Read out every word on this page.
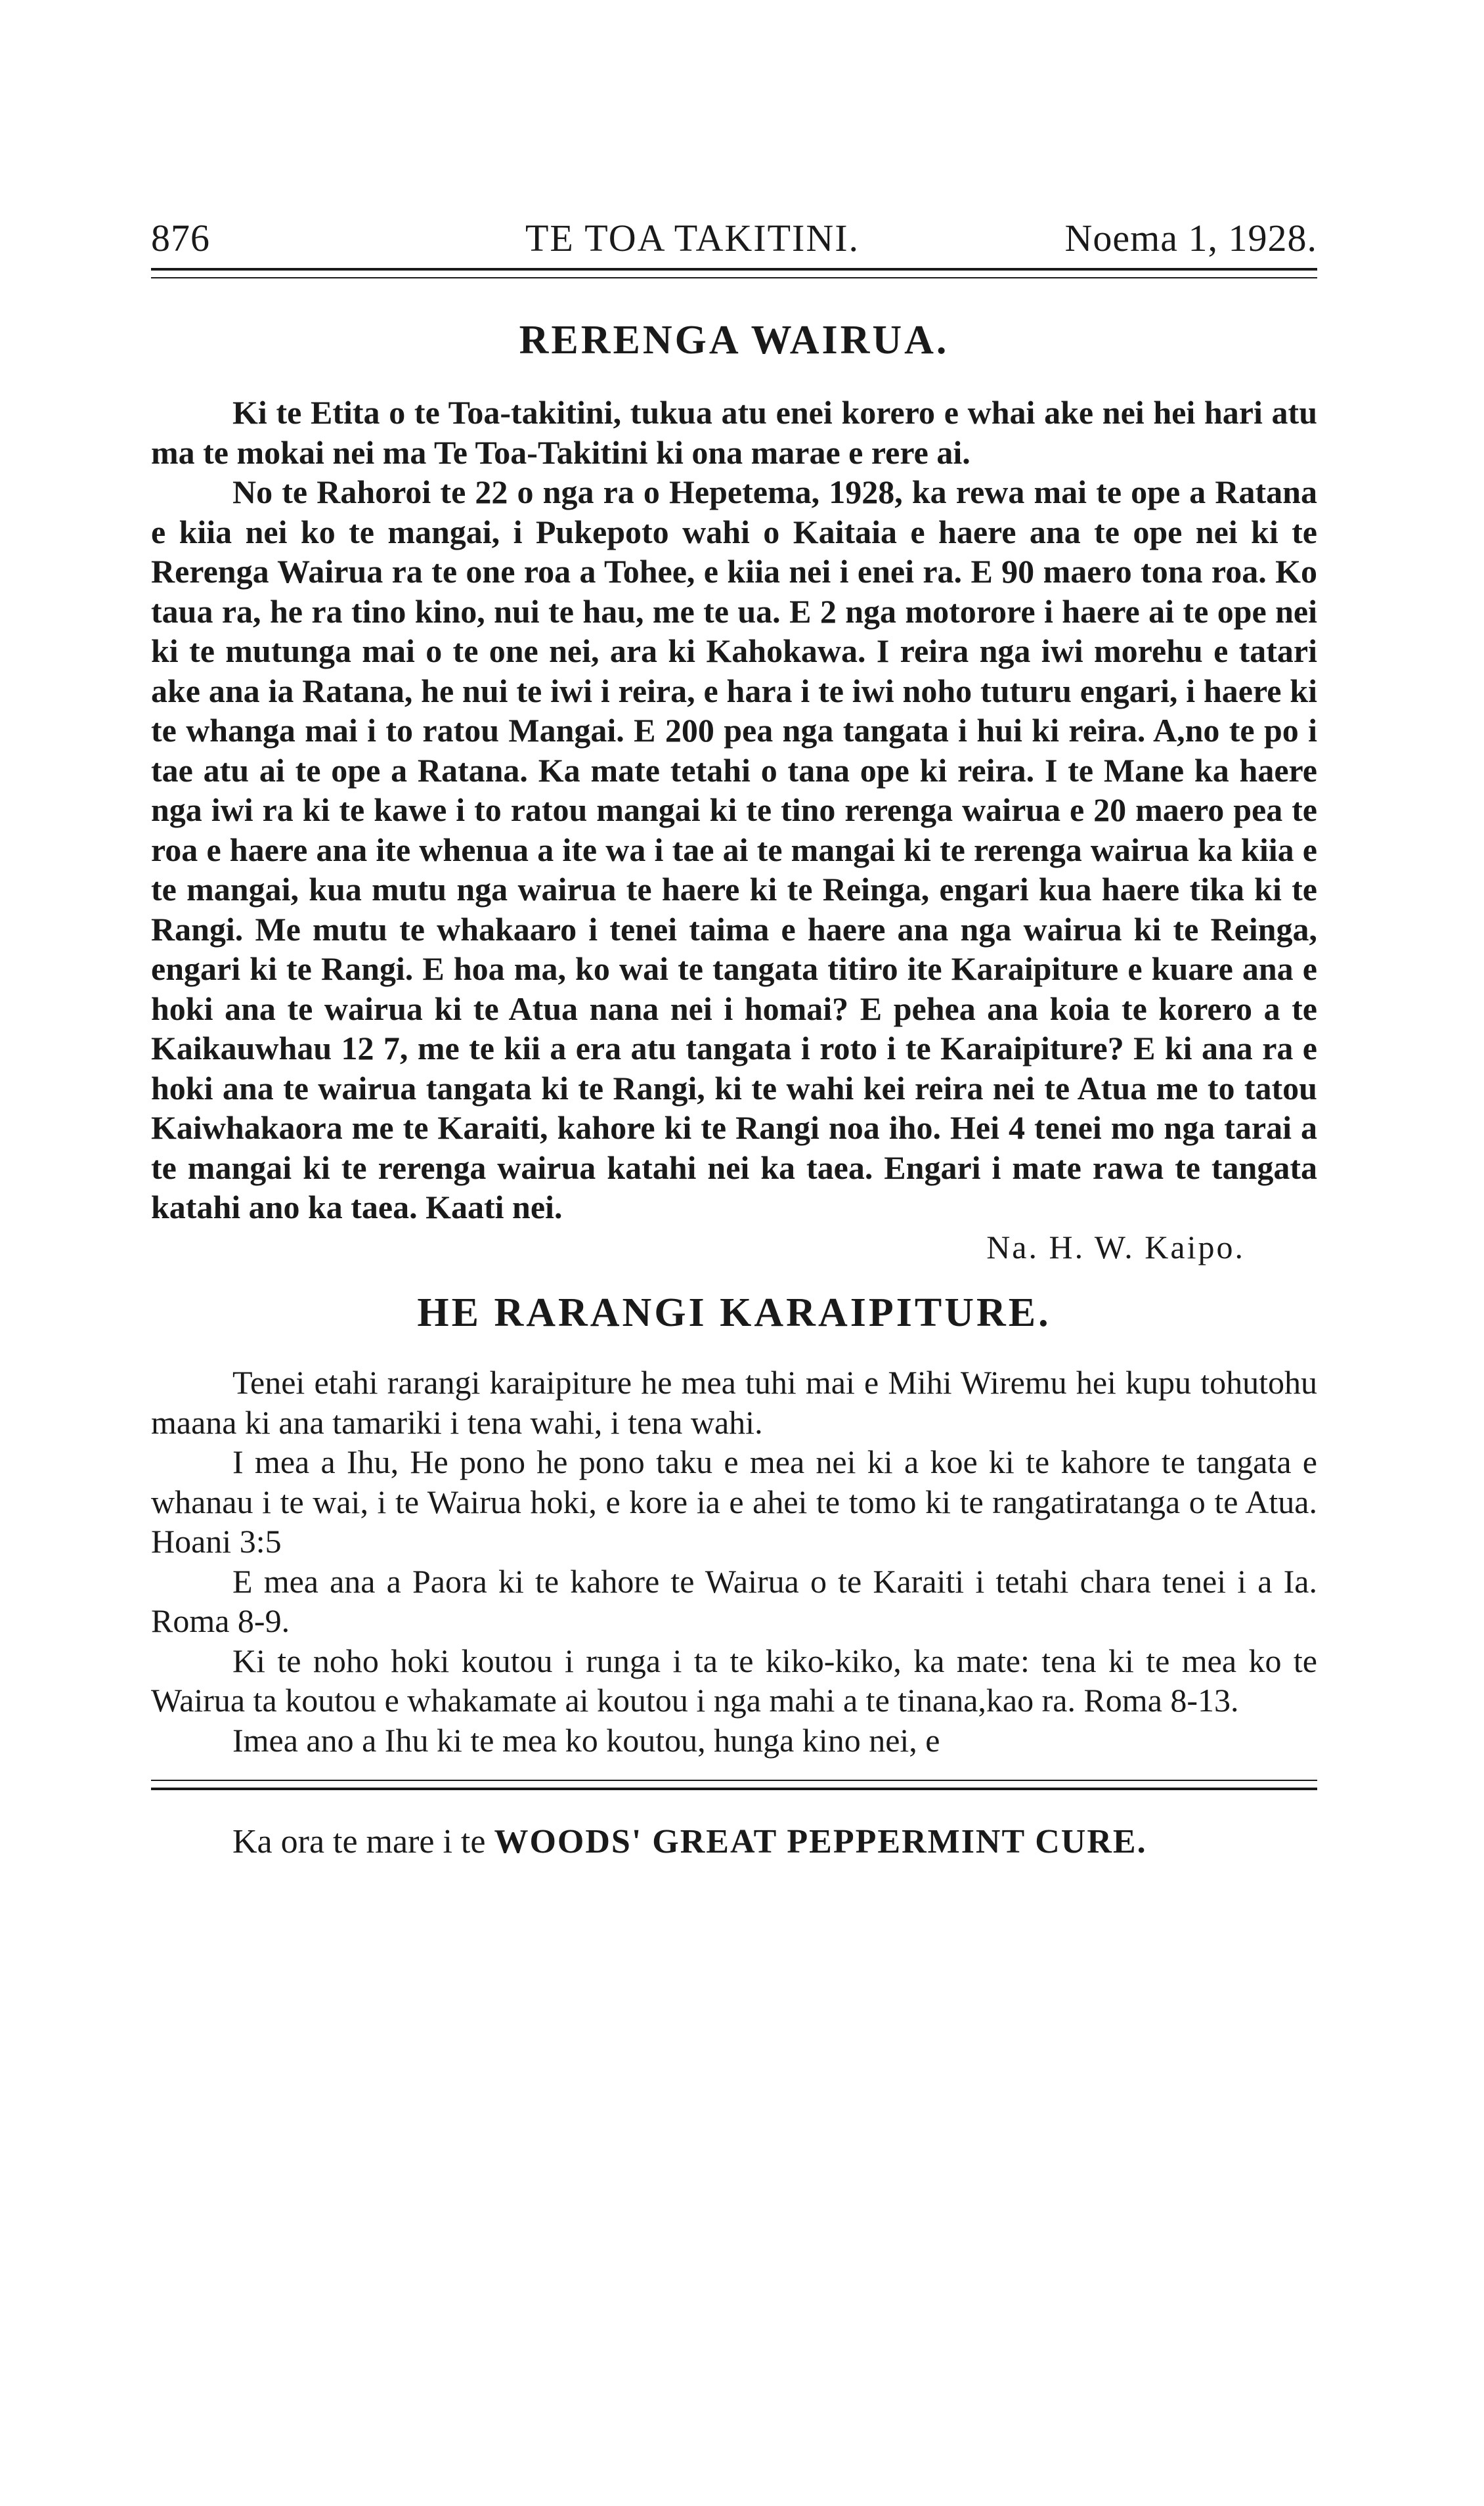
876	TE TOA TAKITINI.	Noema 1, 1928.
RERENGA WAIRUA.

Ki te Etita o te Toa-takitini, tukua atu enei korero e whai ake nei hei hari atu ma te mokai nei ma Te Toa-Takitini ki ona marae e rere ai.

No te Rahoroi te 22 o nga ra o Hepetema, 1928, ka rewa mai te ope a Ratana e kiia nei ko te mangai, i Pukepoto wahi o Kaitaia e haere ana te ope nei ki te Rerenga Wairua ra te one roa a Tohee, e kiia nei i enei ra. E 90 maero tona roa. Ko taua ra, he ra tino kino, nui te hau, me te ua. E 2 nga motorore i haere ai te ope nei ki te mutunga mai o te one nei, ara ki Kahokawa. I reira nga iwi morehu e tatari ake ana ia Ratana, he nui te iwi i reira, e hara i te iwi noho tuturu engari, i haere ki te whanga mai i to ratou Mangai. E 200 pea nga tangata i hui ki reira. A,no te po i tae atu ai te ope a Ratana. Ka mate tetahi o tana ope ki reira. I te Mane ka haere nga iwi ra ki te kawe i to ratou mangai ki te tino rerenga wairua e 20 maero pea te roa e haere ana ite whenua a ite wa i tae ai te mangai ki te rerenga wairua ka kiia e te mangai, kua mutu nga wairua te haere ki te Reinga, engari kua haere tika ki te Rangi. Me mutu te whakaaro i tenei taima e haere ana nga wairua ki te Reinga, engari ki te Rangi. E hoa ma, ko wai te tangata titiro ite Karaipiture e kuare ana e hoki ana te wairua ki te Atua nana nei i homai? E pehea ana koia te korero a te Kaikauwhau 12 7, me te kii a era atu tangata i roto i te Karaipiture? E ki ana ra e hoki ana te wairua tangata ki te Rangi, ki te wahi kei reira nei te Atua me to tatou Kaiwhakaora me te Karaiti, kahore ki te Rangi noa iho. Hei 4 tenei mo nga tarai a te mangai ki te rerenga wairua katahi nei ka taea. Engari i mate rawa te tangata katahi ano ka taea. Kaati nei.

Na. H. W. Kaipo.

HE RARANGI KARAIPITURE.

Tenei etahi rarangi karaipiture he mea tuhi mai e Mihi Wiremu hei kupu tohutohu maana ki ana tamariki i tena wahi, i tena wahi.

I mea a Ihu, He pono he pono taku e mea nei ki a koe ki te kahore te tangata e whanau i te wai, i te Wairua hoki, e kore ia e ahei te tomo ki te rangatiratanga o te Atua. Hoani 3:5

E mea ana a Paora ki te kahore te Wairua o te Karaiti i tetahi chara tenei i a Ia. Roma 8-9.

Ki te noho hoki koutou i runga i ta te kiko-kiko, ka mate: tena ki te mea ko te Wairua ta koutou e whakamate ai koutou i nga mahi a te tinana,kao ra. Roma 8-13.

Imea ano a Ihu ki te mea ko koutou, hunga kino nei, e

Ka ora te mare i te WOODS' GREAT PEPPERMINT CURE.
